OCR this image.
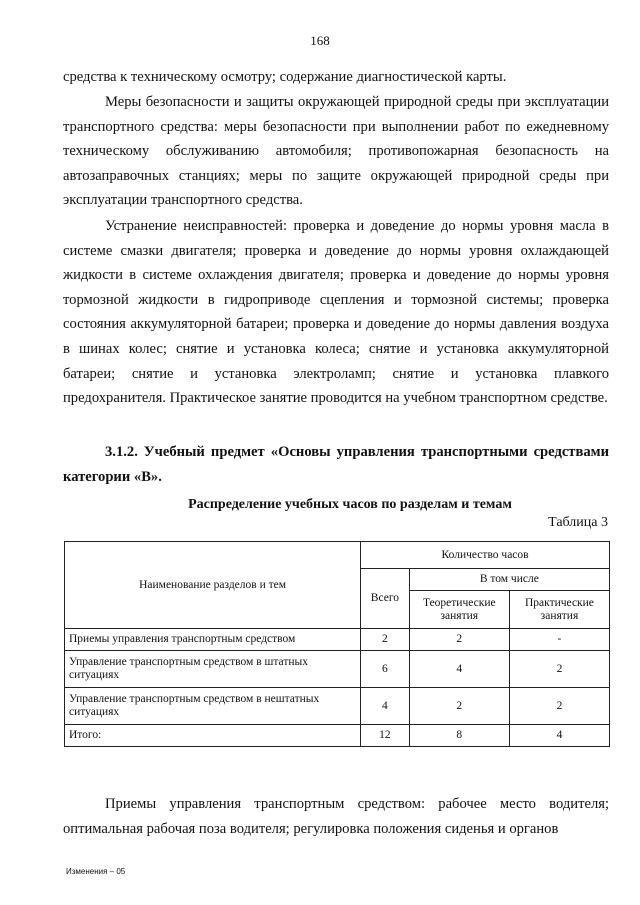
168

средства к техническому осмотру; содержание диагностической карты.

Меры безопасности и защиты окружающей природной среды при эксплуатации транспортного средства: меры безопасности при выполнении работ по ежедневному техническому обслуживанию автомобиля; противопожарная безопасность на автозаправочных станциях; меры по защите окружающей природной среды при эксплуатации транспортного средства.

Устранение неисправностей: проверка и доведение до нормы уровня масла в системе смазки двигателя; проверка и доведение до нормы уровня охлаждающей жидкости в системе охлаждения двигателя; проверка и доведение до нормы уровня тормозной жидкости в гидроприводе сцепления и тормозной системы; проверка состояния аккумуляторной батареи; проверка и доведение до нормы давления воздуха в шинах колес; снятие и установка колеса; снятие и установка аккумуляторной батареи; снятие и установка электроламп; снятие и установка плавкого предохранителя. Практическое занятие проводится на учебном транспортном средстве.

3.1.2. Учебный предмет «Основы управления транспортными средствами категории «В».

Распределение учебных часов по разделам и темам
Таблица 3
Наименование разделов и тем	Количество часов		
	Всего	В том числе	
		Теоретические занятия	Практические занятия
Приемы управления транспортным средством	2	2	-
Управление транспортным средством в штатных ситуациях	6	4	2
Управление транспортным средством в нештатных ситуациях	4	2	2
Итого:	12	8	4

Приемы управления транспортным средством: рабочее место водителя; оптимальная рабочая поза водителя; регулировка положения сиденья и органов

Изменения – 05
